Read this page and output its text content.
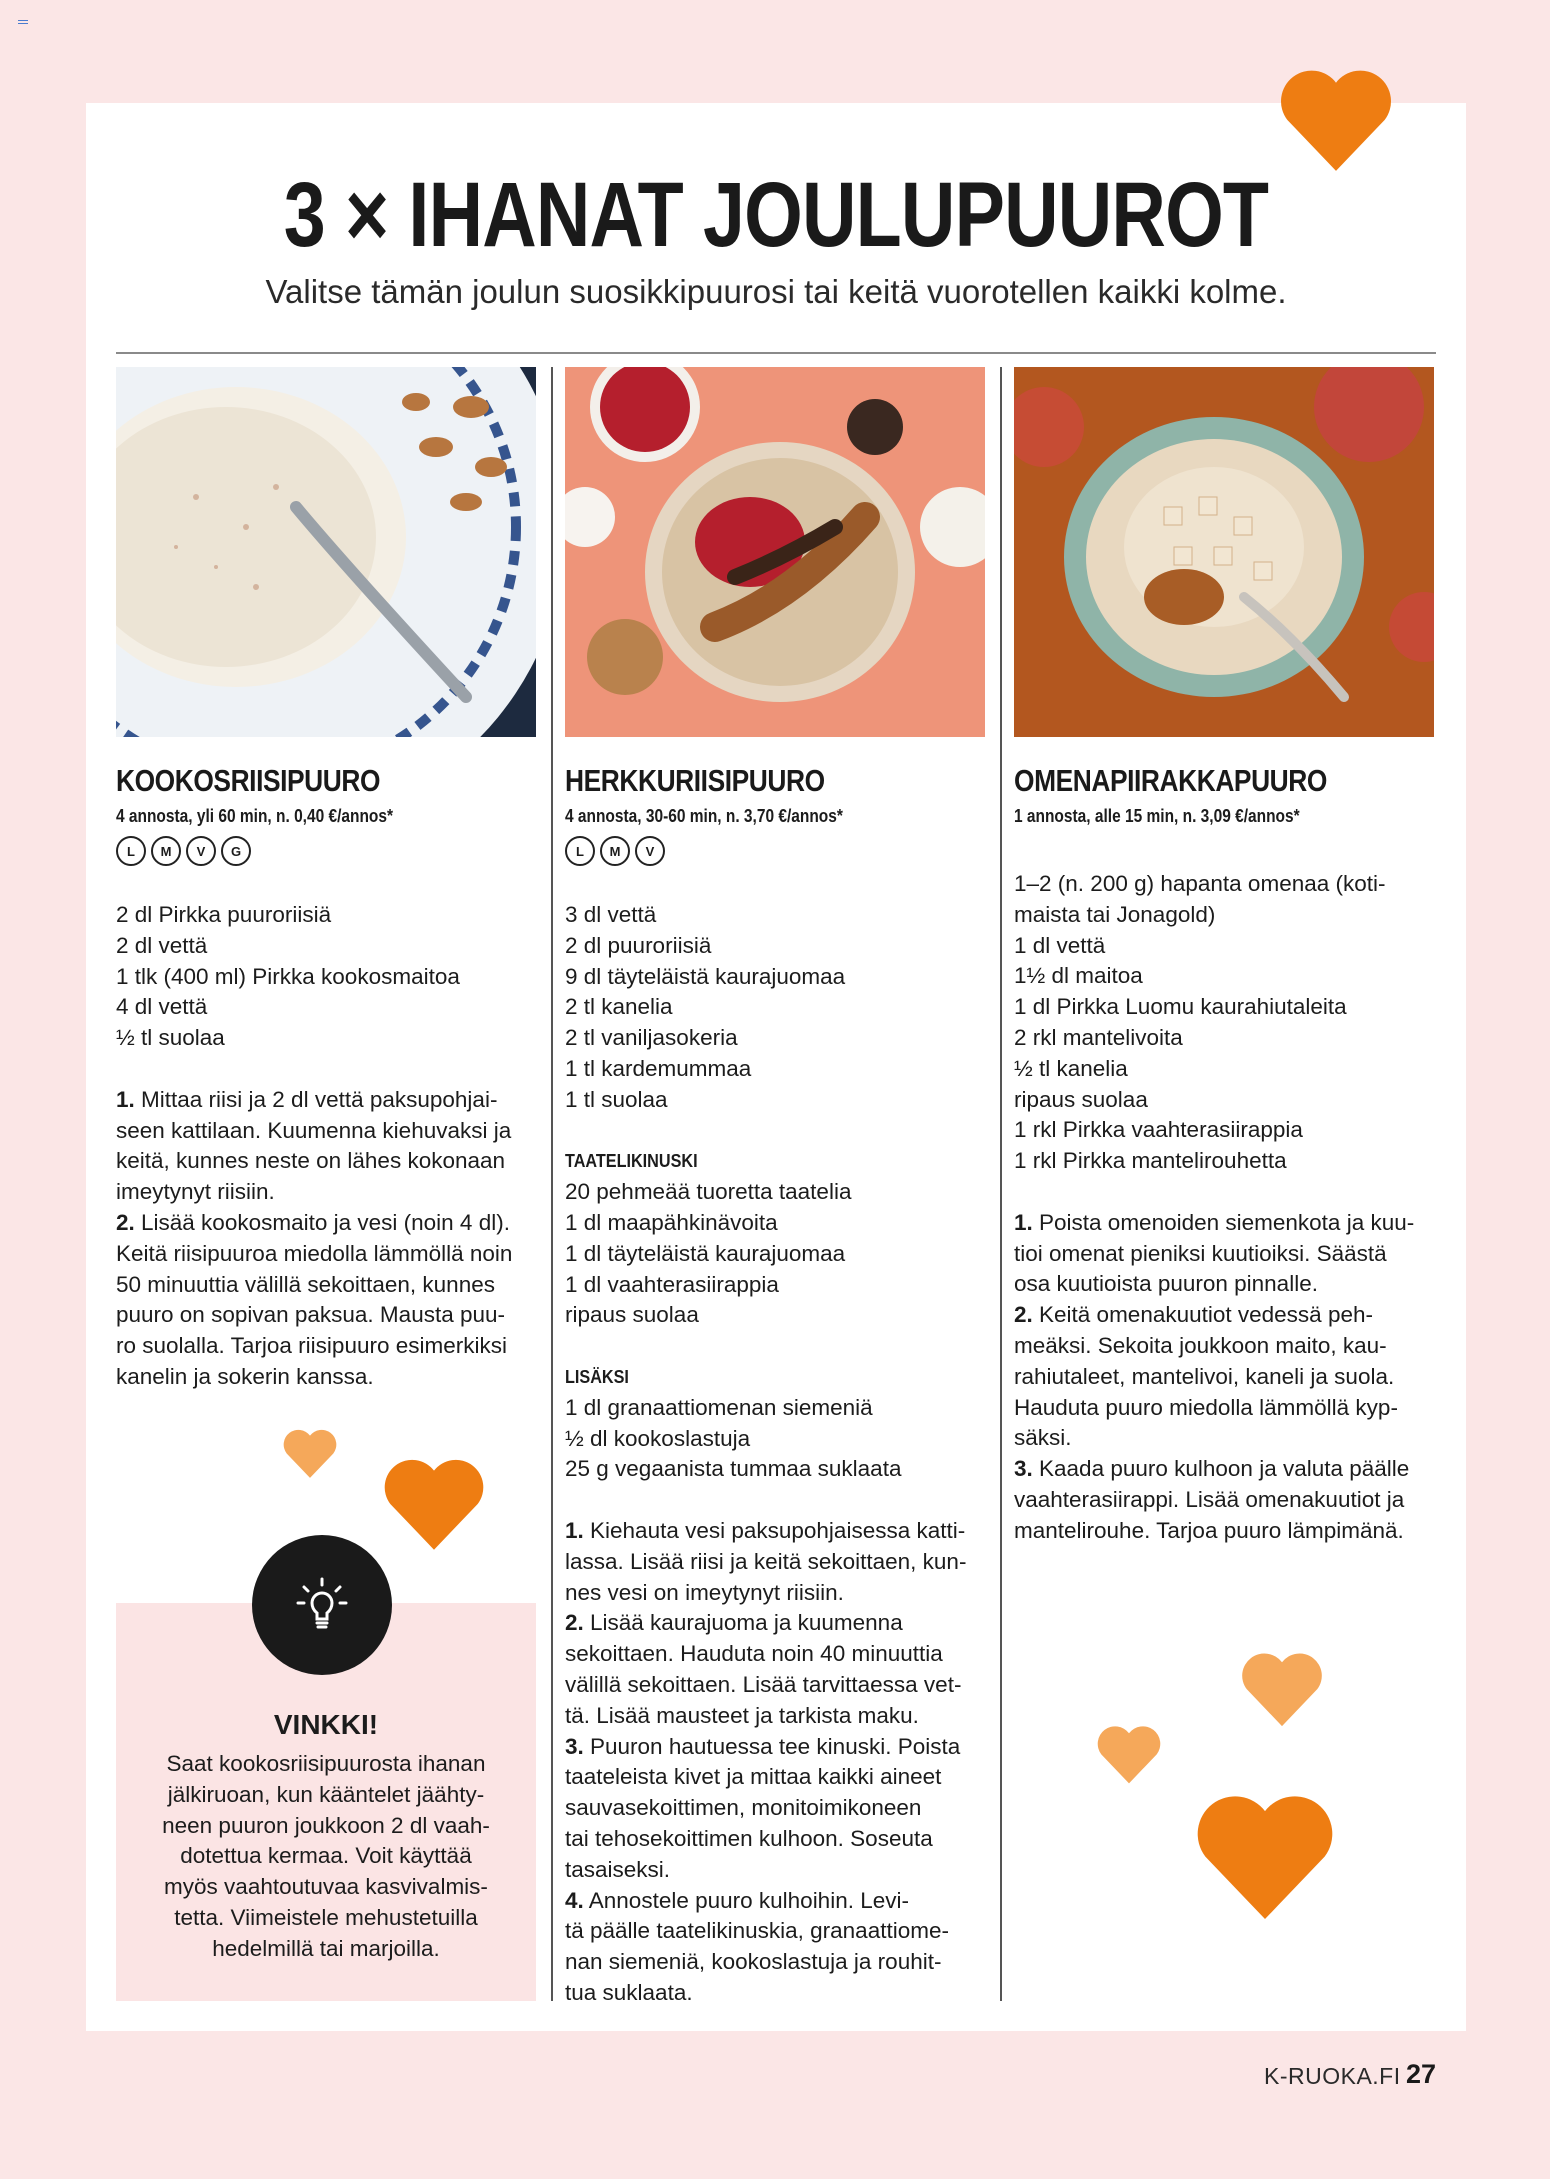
3 × IHANAT JOULUPUUROT
Valitse tämän joulun suosikkipuurosi tai keitä vuorotellen kaikki kolme.
KOOKOSRIISIPUURO
4 annosta, yli 60 min, n. 0,40 €/annos*
L	M	V	G
2 dl Pirkka puuroriisiä
2 dl vettä
1 tlk (400 ml) Pirkka kookosmaitoa
4 dl vettä
½ tl suolaa
1. Mittaa riisi ja 2 dl vettä paksupohjai-
seen kattilaan. Kuumenna kiehuvaksi ja
keitä, kunnes neste on lähes kokonaan
imeytynyt riisiin.
2. Lisää kookosmaito ja vesi (noin 4 dl).
Keitä riisipuuroa miedolla lämmöllä noin
50 minuuttia välillä sekoittaen, kunnes
puuro on sopivan paksua. Mausta puu-
ro suolalla. Tarjoa riisipuuro esimerkiksi
kanelin ja sokerin kanssa.
HERKKURIISIPUURO
4 annosta, 30-60 min, n. 3,70 €/annos*
L	M	V
3 dl vettä
2 dl puuroriisiä
9 dl täyteläistä kaurajuomaa
2 tl kanelia
2 tl vaniljasokeria
1 tl kardemummaa
1 tl suolaa
TAATELIKINUSKI
20 pehmeää tuoretta taatelia
1 dl maapähkinävoita
1 dl täyteläistä kaurajuomaa
1 dl vaahterasiirappia
ripaus suolaa
LISÄKSI
1 dl granaattiomenan siemeniä
½ dl kookoslastuja
25 g vegaanista tummaa suklaata
1. Kiehauta vesi paksupohjaisessa katti-
lassa. Lisää riisi ja keitä sekoittaen, kun-
nes vesi on imeytynyt riisiin.
2. Lisää kaurajuoma ja kuumenna
sekoittaen. Hauduta noin 40 minuuttia
välillä sekoittaen. Lisää tarvittaessa vet-
tä. Lisää mausteet ja tarkista maku.
3. Puuron hautuessa tee kinuski. Poista
taateleista kivet ja mittaa kaikki aineet
sauvasekoittimen, monitoimikoneen
tai tehosekoittimen kulhoon. Soseuta
tasaiseksi.
4. Annostele puuro kulhoihin. Levi-
tä päälle taatelikinuskia, granaattiome-
nan siemeniä, kookoslastuja ja rouhit-
tua suklaata.
OMENAPIIRAKKAPUURO
1 annosta, alle 15 min, n. 3,09 €/annos*
1–2 (n. 200 g) hapanta omenaa (koti-
maista tai Jonagold)
1 dl vettä
1½ dl maitoa
1 dl Pirkka Luomu kaurahiutaleita
2 rkl mantelivoita
½ tl kanelia
ripaus suolaa
1 rkl Pirkka vaahterasiirappia
1 rkl Pirkka mantelirouhetta
1. Poista omenoiden siemenkota ja kuu-
tioi omenat pieniksi kuutioiksi. Säästä
osa kuutioista puuron pinnalle.
2. Keitä omenakuutiot vedessä peh-
meäksi. Sekoita joukkoon maito, kau-
rahiutaleet, mantelivoi, kaneli ja suola.
Hauduta puuro miedolla lämmöllä kyp-
säksi.
3. Kaada puuro kulhoon ja valuta päälle
vaahterasiirappi. Lisää omenakuutiot ja
mantelirouhe. Tarjoa puuro lämpimänä.
VINKKI!
Saat kookosriisipuurosta ihanan
jälkiruoan, kun kääntelet jäähty-
neen puuron joukkoon 2 dl vaah-
dotettua kermaa. Voit käyttää
myös vaahtoutuvaa kasvivalmis-
tetta. Viimeistele mehustetuilla
hedelmillä tai marjoilla.
K-RUOKA.FI 27
